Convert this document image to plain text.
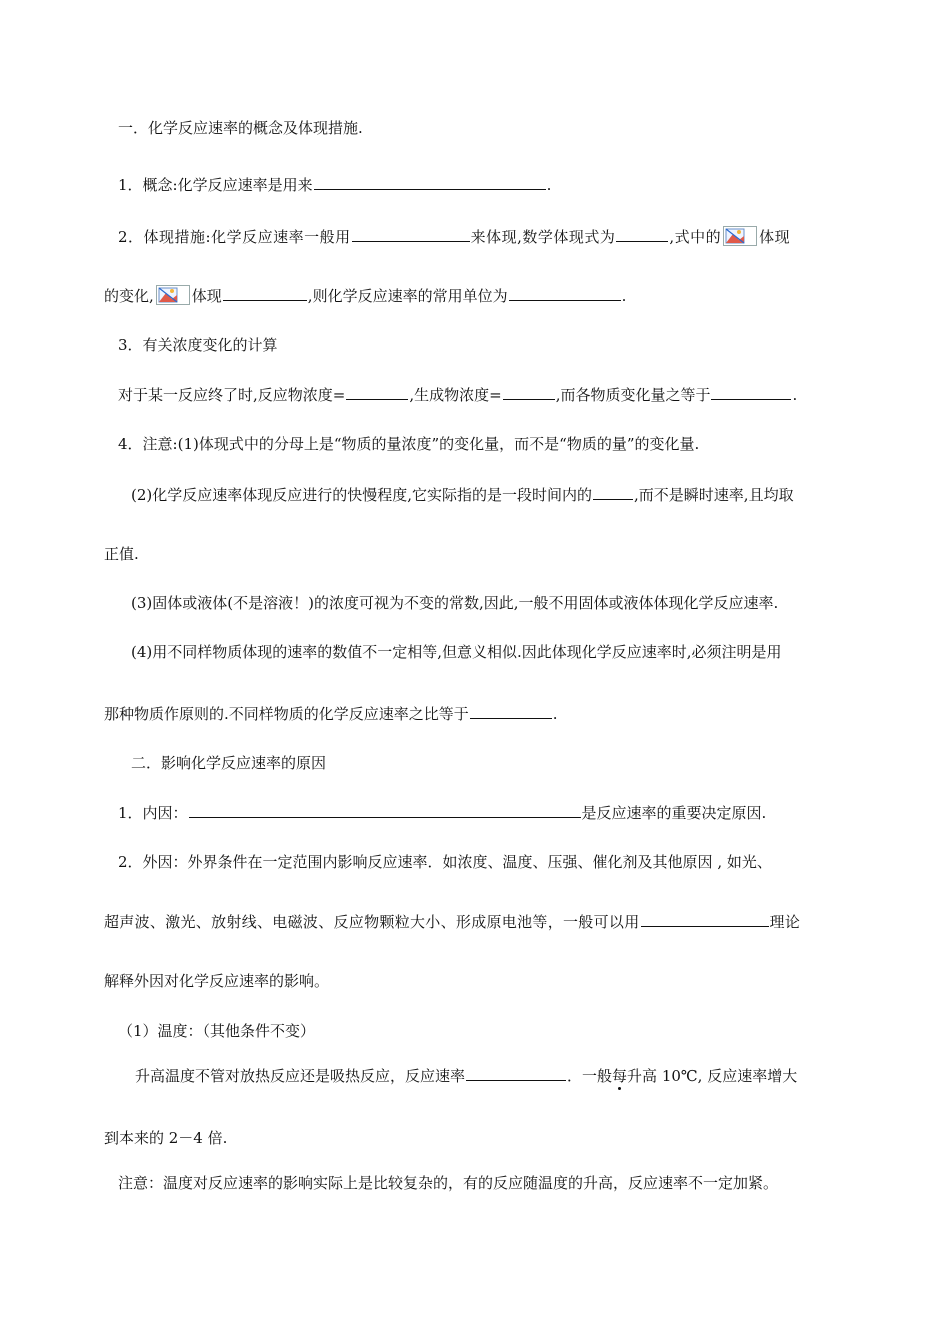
一．化学反应速率的概念及体现措施.
1．概念:化学反应速率是用来	.
2．体现措施:化学反应速率一般用	来体现,数学体现式为	,式中的	体现
的变化,	体现	,则化学反应速率的常用单位为	.
3．有关浓度变化的计算
对于某一反应终了时,反应物浓度=	,生成物浓度=	,而各物质变化量之等于	.
4．注意:(1)体现式中的分母上是“物质的量浓度”的变化量，而不是“物质的量”的变化量.
(2)化学反应速率体现反应进行的快慢程度,它实际指的是一段时间内的	,而不是瞬时速率,且均取
正值.
(3)固体或液体(不是溶液！)的浓度可视为不变的常数,因此,一般不用固体或液体体现化学反应速率.
(4)用不同样物质体现的速率的数值不一定相等,但意义相似.因此体现化学反应速率时,必须注明是用
那种物质作原则的.不同样物质的化学反应速率之比等于	.
二．影响化学反应速率的原因
1．内因：	是反应速率的重要决定原因.
2．外因：外界条件在一定范围内影响反应速率．如浓度、温度、压强、催化剂及其他原因 , 如光、
超声波、激光、放射线、电磁波、反应物颗粒大小、形成原电池等，一般可以用	理论
解释外因对化学反应速率的影响。
（1）温度：（其他条件不变）
升高温度不管对放热反应还是吸热反应，反应速率	．一般每升高 10℃, 反应速率增大
到本来的 2－4 倍.
注意：温度对反应速率的影响实际上是比较复杂的，有的反应随温度的升高，反应速率不一定加紧。
